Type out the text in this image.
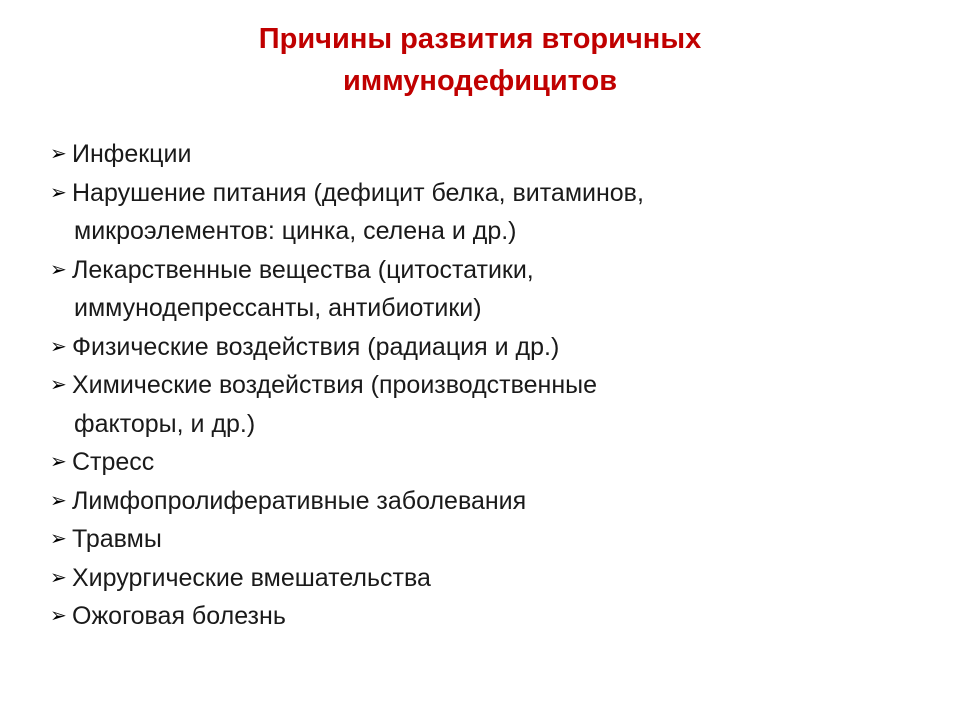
Причины развития вторичных
иммунодефицитов
➢ Инфекции
➢ Нарушение питания (дефицит белка, витаминов,
микроэлементов: цинка, селена и др.)
➢ Лекарственные вещества (цитостатики,
иммунодепрессанты, антибиотики)
➢ Физические воздействия (радиация и др.)
➢ Химические воздействия (производственные
факторы, и др.)
➢ Стресс
➢ Лимфопролиферативные заболевания
➢ Травмы
➢ Хирургические вмешательства
➢ Ожоговая болезнь
